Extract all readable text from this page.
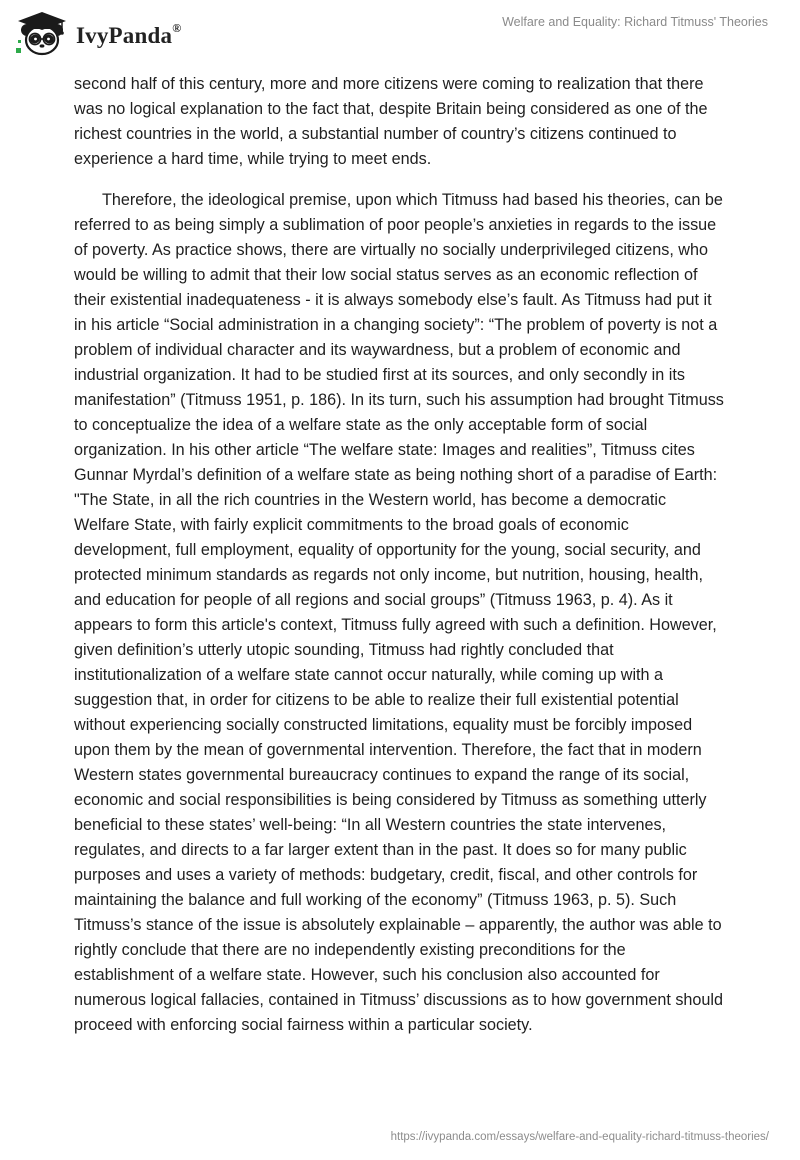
IvyPanda®	Welfare and Equality: Richard Titmuss' Theories

second half of this century, more and more citizens were coming to realization that there was no logical explanation to the fact that, despite Britain being considered as one of the richest countries in the world, a substantial number of country’s citizens continued to experience a hard time, while trying to meet ends.

Therefore, the ideological premise, upon which Titmuss had based his theories, can be referred to as being simply a sublimation of poor people’s anxieties in regards to the issue of poverty. As practice shows, there are virtually no socially underprivileged citizens, who would be willing to admit that their low social status serves as an economic reflection of their existential inadequateness - it is always somebody else’s fault. As Titmuss had put it in his article “Social administration in a changing society”: “The problem of poverty is not a problem of individual character and its waywardness, but a problem of economic and industrial organization. It had to be studied first at its sources, and only secondly in its manifestation” (Titmuss 1951, p. 186). In its turn, such his assumption had brought Titmuss to conceptualize the idea of a welfare state as the only acceptable form of social organization. In his other article “The welfare state: Images and realities”, Titmuss cites Gunnar Myrdal’s definition of a welfare state as being nothing short of a paradise of Earth: "The State, in all the rich countries in the Western world, has become a democratic Welfare State, with fairly explicit commitments to the broad goals of economic development, full employment, equality of opportunity for the young, social security, and protected minimum standards as regards not only income, but nutrition, housing, health, and education for people of all regions and social groups” (Titmuss 1963, p. 4). As it appears to form this article's context, Titmuss fully agreed with such a definition. However, given definition’s utterly utopic sounding, Titmuss had rightly concluded that institutionalization of a welfare state cannot occur naturally, while coming up with a suggestion that, in order for citizens to be able to realize their full existential potential without experiencing socially constructed limitations, equality must be forcibly imposed upon them by the mean of governmental intervention. Therefore, the fact that in modern Western states governmental bureaucracy continues to expand the range of its social, economic and social responsibilities is being considered by Titmuss as something utterly beneficial to these states’ well-being: “In all Western countries the state intervenes, regulates, and directs to a far larger extent than in the past. It does so for many public purposes and uses a variety of methods: budgetary, credit, fiscal, and other controls for maintaining the balance and full working of the economy” (Titmuss 1963, p. 5). Such Titmuss’s stance of the issue is absolutely explainable – apparently, the author was able to rightly conclude that there are no independently existing preconditions for the establishment of a welfare state. However, such his conclusion also accounted for numerous logical fallacies, contained in Titmuss’ discussions as to how government should proceed with enforcing social fairness within a particular society.

https://ivypanda.com/essays/welfare-and-equality-richard-titmuss-theories/
